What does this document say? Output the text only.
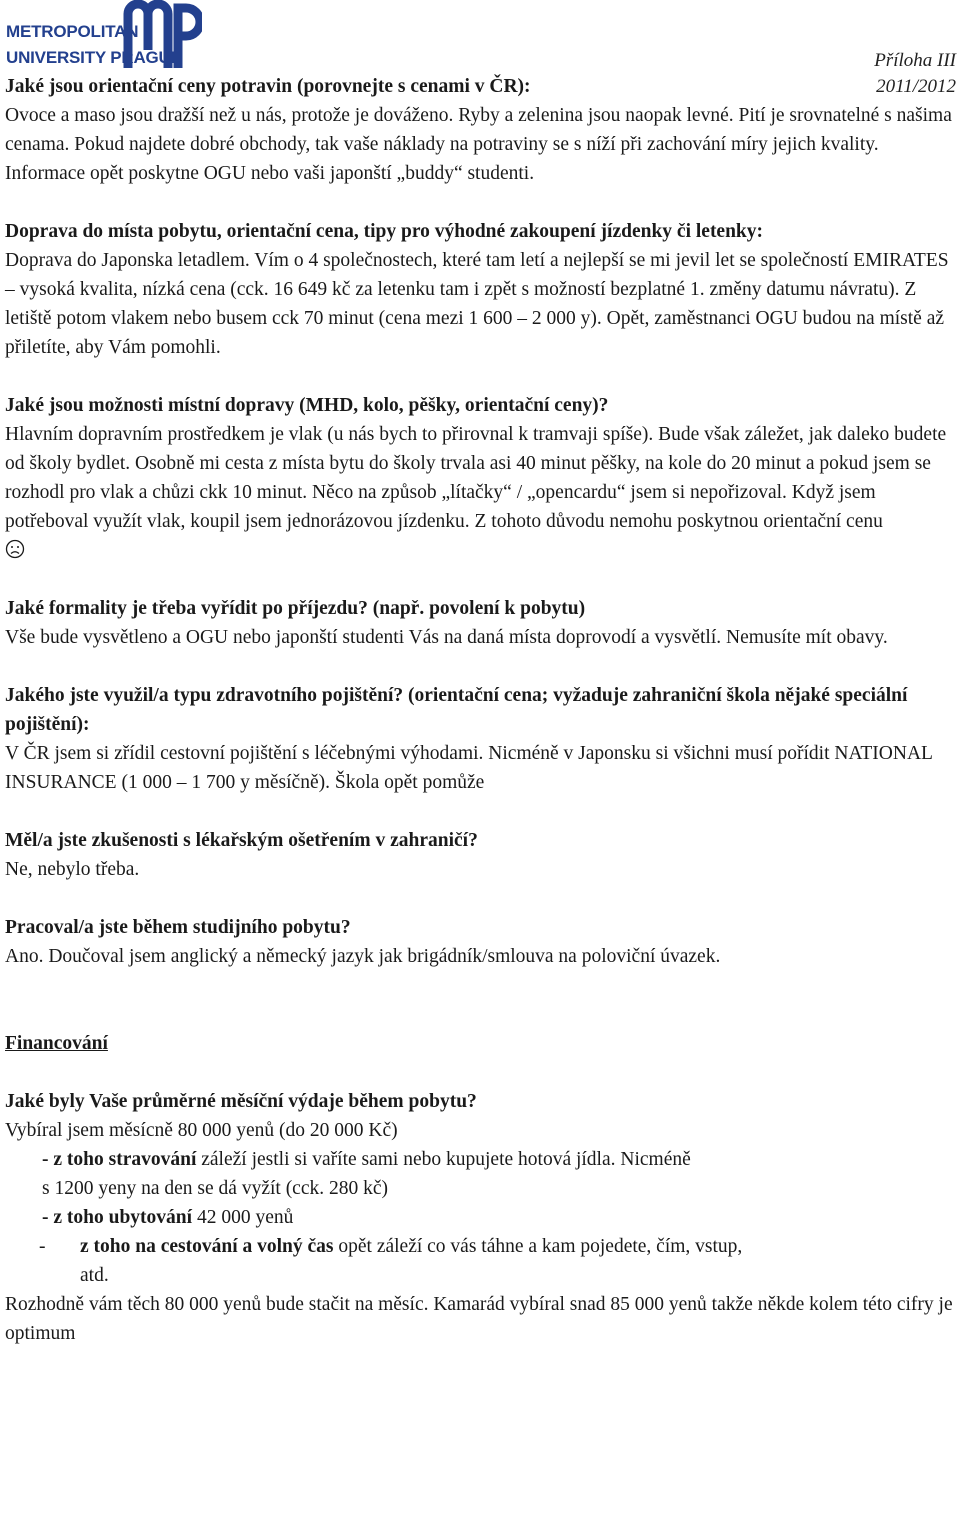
METROPOLITAN
UNIVERSITY PRAGUE	Příloha III
2011/2012

Jaké jsou orientační ceny potravin (porovnejte s cenami v ČR):

Ovoce a maso jsou dražší než u nás, protože je dováženo. Ryby a zelenina jsou naopak levné. Pití je srovnatelné s našima cenama. Pokud najdete dobré obchody, tak vaše náklady na potraviny se s níží při zachování míry jejich kvality. Informace opět poskytne OGU nebo vaši japonští „buddy“ studenti.

Doprava do místa pobytu, orientační cena, tipy pro výhodné zakoupení jízdenky či letenky:

Doprava do Japonska letadlem. Vím o 4 společnostech, které tam letí a nejlepší se mi jevil let se společností EMIRATES – vysoká kvalita, nízká cena (cck. 16 649 kč za letenku tam i zpět s možností bezplatné 1. změny datumu návratu). Z letiště potom vlakem nebo busem cck 70 minut (cena mezi 1 600 – 2 000 y). Opět, zaměstnanci OGU budou na místě až přiletíte, aby Vám pomohli.

Jaké jsou možnosti místní dopravy (MHD, kolo, pěšky, orientační ceny)?

Hlavním dopravním prostředkem je vlak (u nás bych to přirovnal k tramvaji spíše). Bude však záležet, jak daleko budete od školy bydlet. Osobně mi cesta z místa bytu do školy trvala asi 40 minut pěšky, na kole do 20 minut a pokud jsem se rozhodl pro vlak a chůzi ckk 10 minut. Něco na způsob „lítačky“ / „opencardu“ jsem si nepořizoval. Když jsem potřeboval využít vlak, koupil jsem jednorázovou jízdenku. Z tohoto důvodu nemohu poskytnou orientační cenu

Jaké formality je třeba vyřídit po příjezdu? (např. povolení k pobytu)

Vše bude vysvětleno a OGU nebo japonští studenti Vás na daná místa doprovodí a vysvětlí. Nemusíte mít obavy.

Jakého jste využil/a typu zdravotního pojištění? (orientační cena; vyžaduje zahraniční škola nějaké speciální pojištění):

V ČR jsem si zřídil cestovní pojištění s léčebnými výhodami. Nicméně v Japonsku si všichni musí pořídit NATIONAL INSURANCE (1 000 – 1 700 y měsíčně). Škola opět pomůže

Měl/a jste zkušenosti s lékařským ošetřením v zahraničí?

Ne, nebylo třeba.

Pracoval/a jste během studijního pobytu?

Ano. Doučoval jsem anglický a německý jazyk jak brigádník/smlouva na poloviční úvazek.

Financování

Jaké byly Vaše průměrné měsíční výdaje během pobytu?

Vybíral jsem měsícně 80 000 yenů (do 20 000 Kč)

- z toho stravování záleží jestli si vaříte sami nebo kupujete hotová jídla. Nicméně

s 1200 yeny na den se dá vyžít (cck. 280 kč)

- z toho ubytování 42 000 yenů

- z toho na cestování a volný čas opět záleží co vás táhne a kam pojedete, čím, vstup,

atd.

Rozhodně vám těch 80 000 yenů bude stačit na měsíc. Kamarád vybíral snad 85 000 yenů takže někde kolem této cifry je optimum
